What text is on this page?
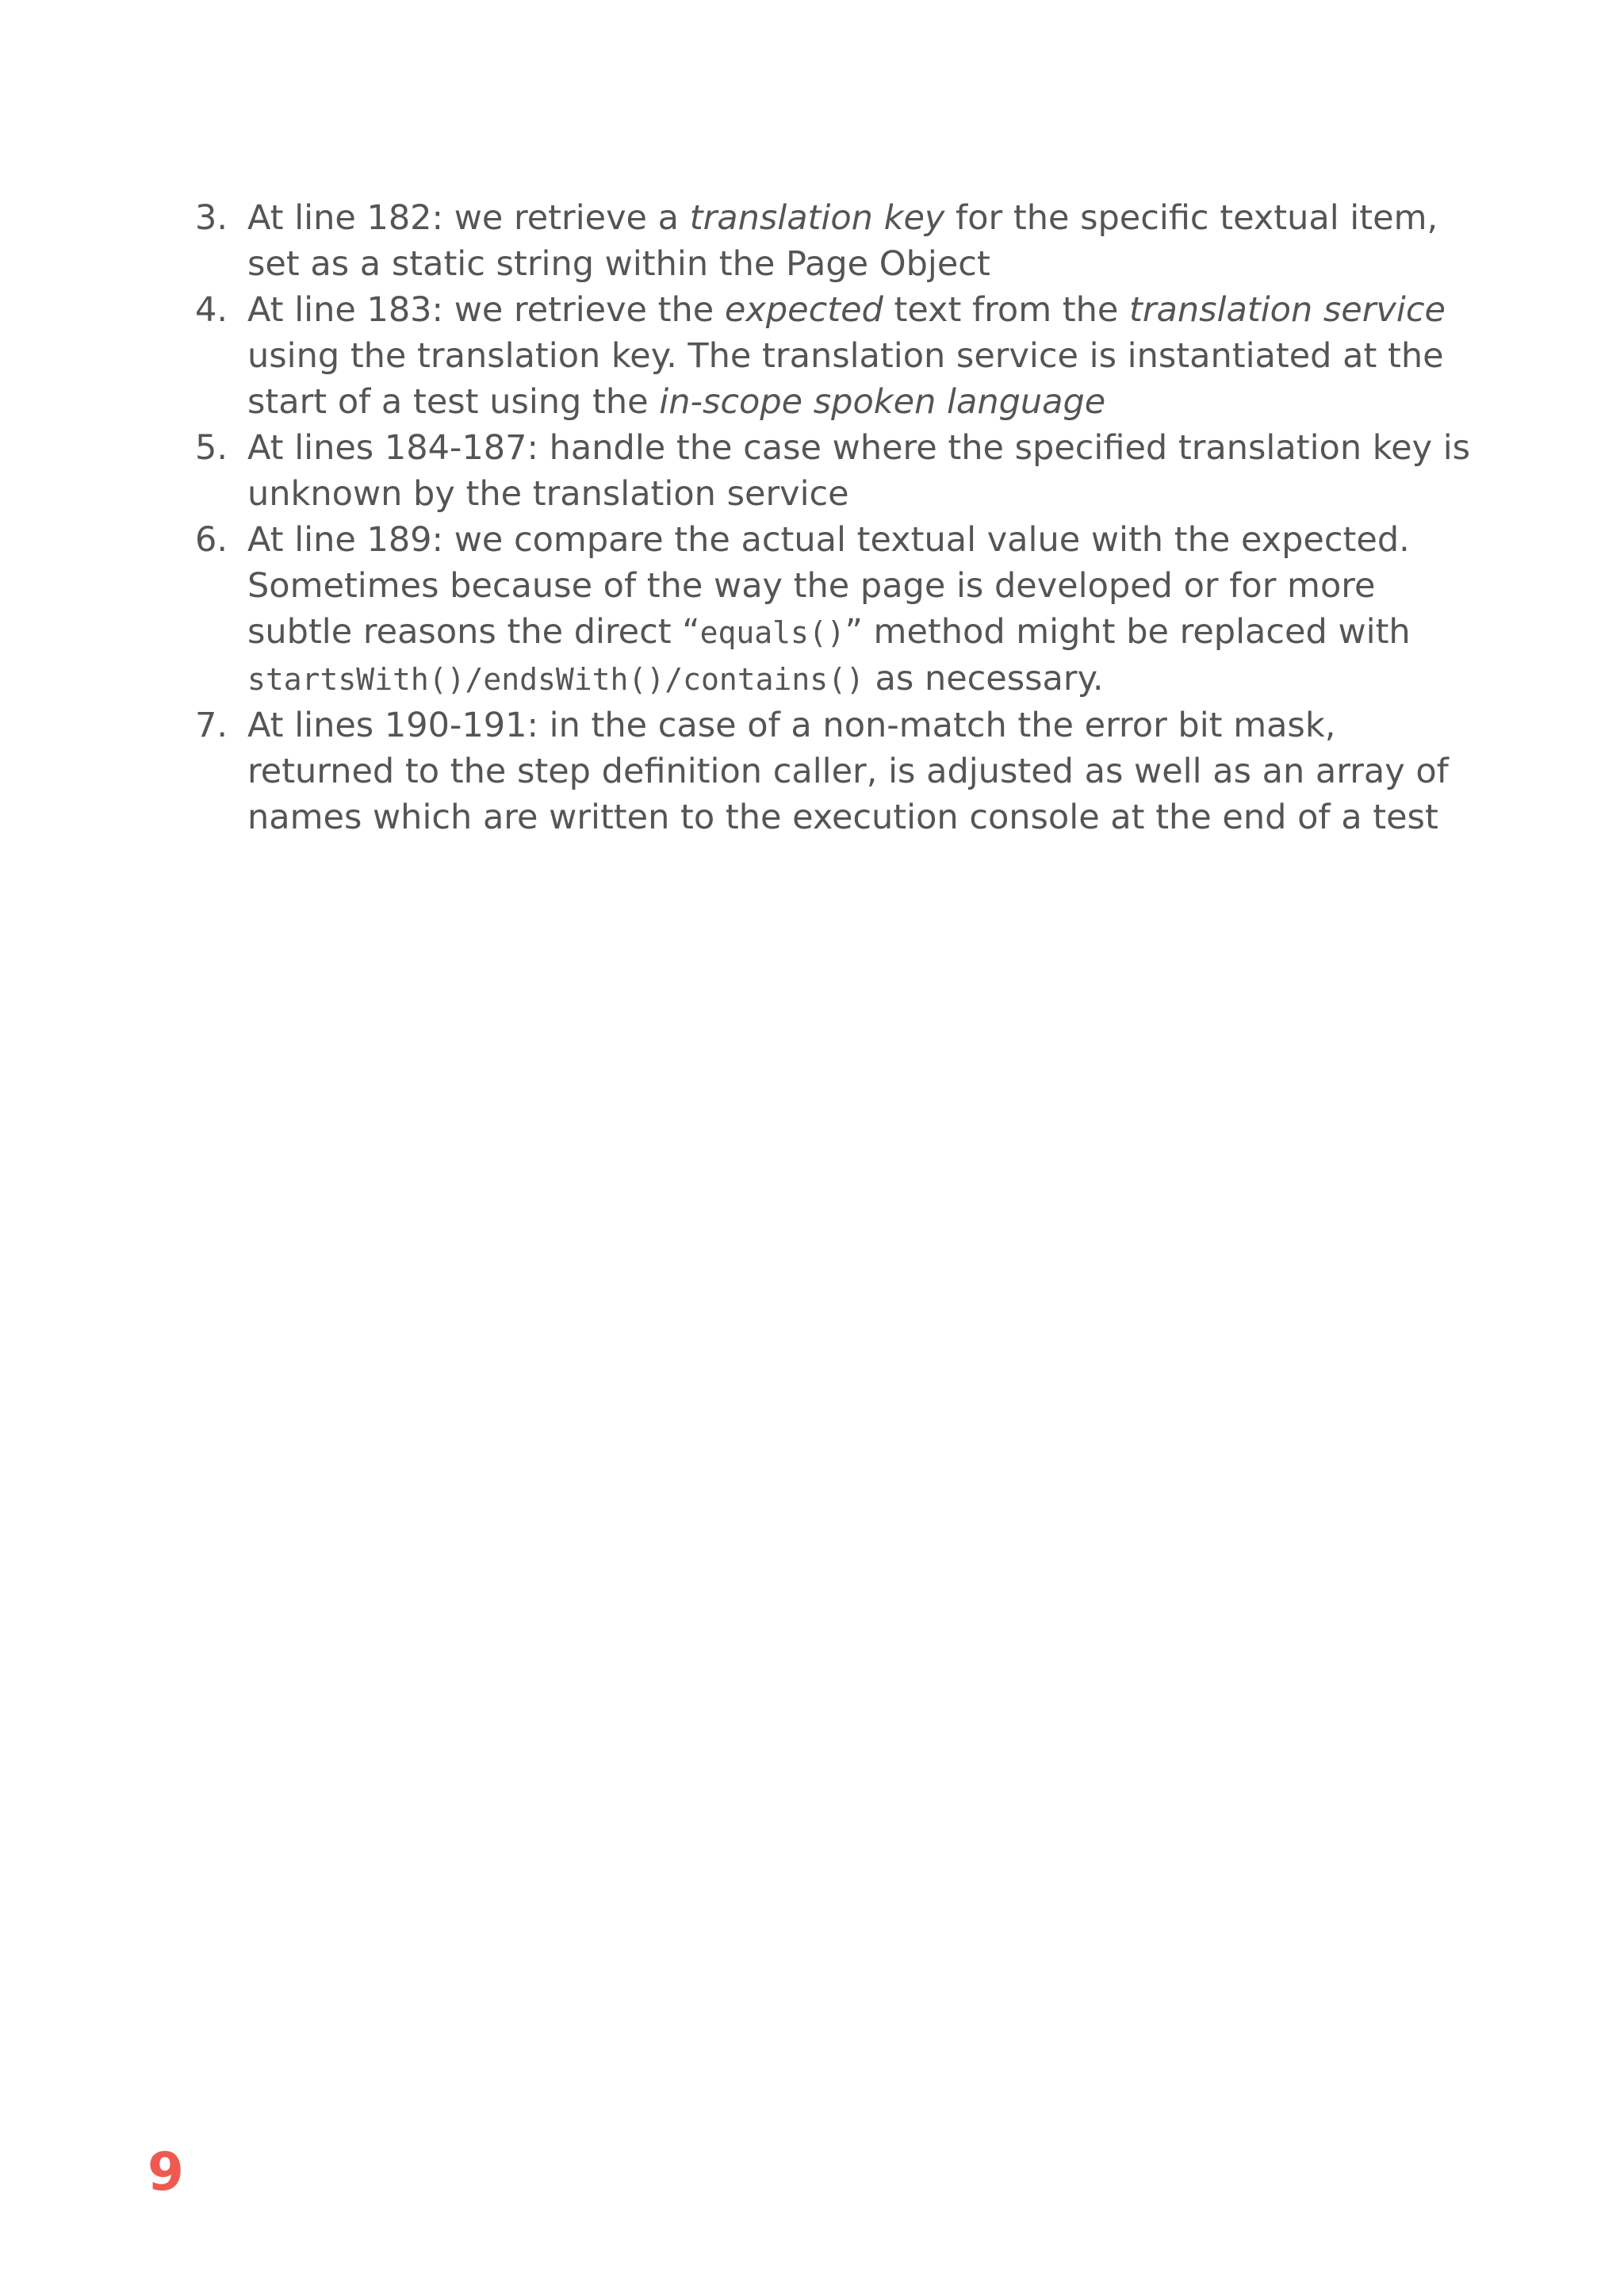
3. At line 182: we retrieve a translation key for the specific textual item, set as a static string within the Page Object
4. At line 183: we retrieve the expected text from the translation service using the translation key. The translation service is instantiated at the start of a test using the in-scope spoken language
5. At lines 184-187: handle the case where the specified translation key is unknown by the translation service
6. At line 189: we compare the actual textual value with the expected. Sometimes because of the way the page is developed or for more subtle reasons the direct “equals()” method might be replaced with startsWith()/endsWith()/contains() as necessary.
7. At lines 190-191: in the case of a non-match the error bit mask, returned to the step definition caller, is adjusted as well as an array of names which are written to the execution console at the end of a test
9
